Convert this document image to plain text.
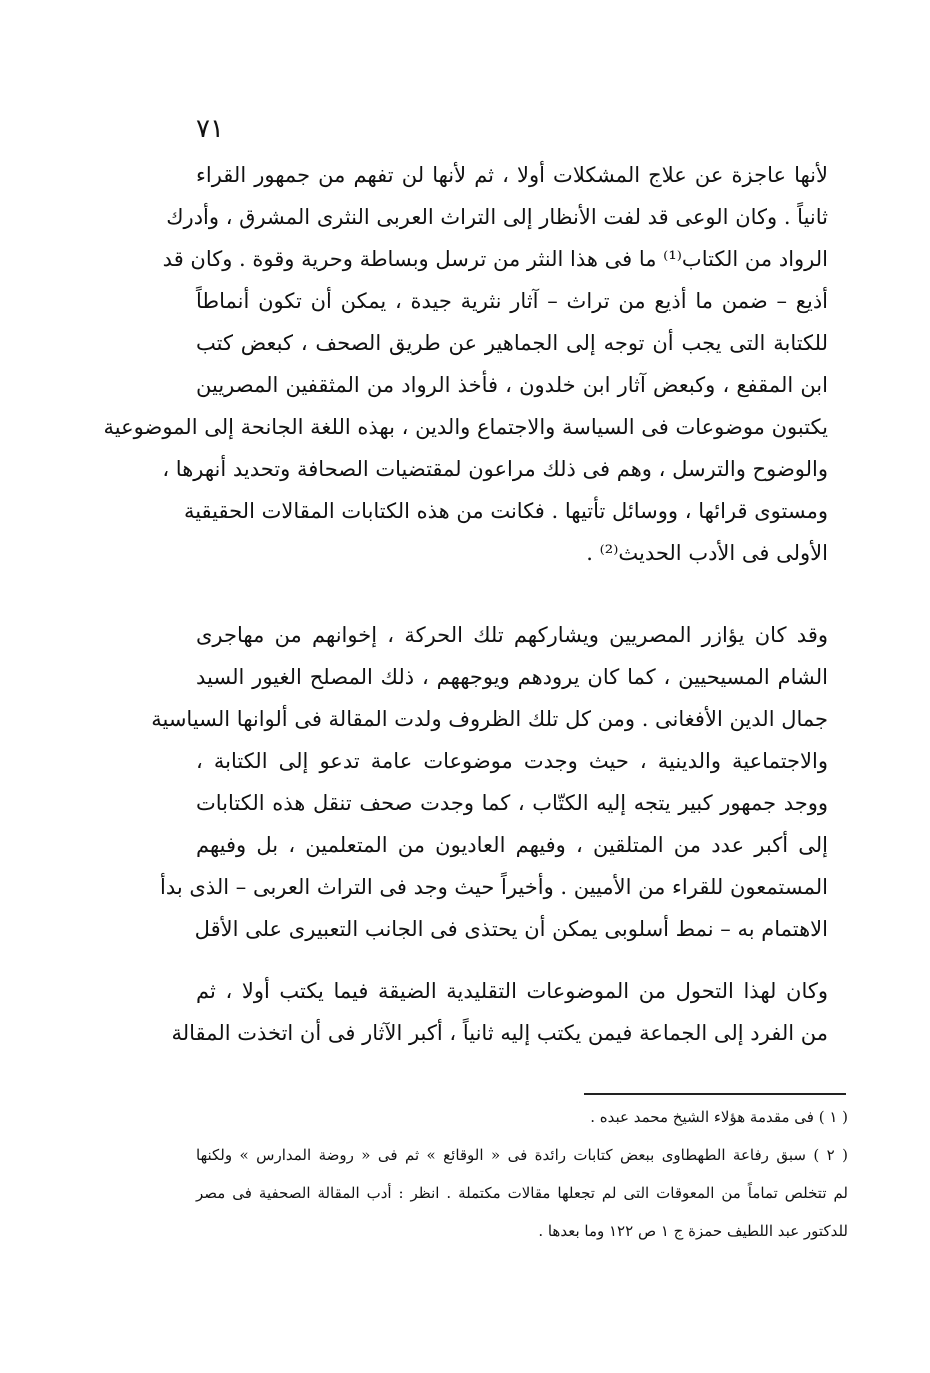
٧١
لأنها عاجزة عن علاج المشكلات أولا ، ثم لأنها لن تفهم من جمهور القراء
ثانياً . وكان الوعى قد لفت الأنظار إلى التراث العربى النثرى المشرق ، وأدرك
الرواد من الكتاب⁽¹⁾ ما فى هذا النثر من ترسل وبساطة وحرية وقوة . وكان قد
أذيع – ضمن ما أذيع من تراث – آثار نثرية جيدة ، يمكن أن تكون أنماطاً
للكتابة التى يجب أن توجه إلى الجماهير عن طريق الصحف ، كبعض كتب
ابن المقفع ، وكبعض آثار ابن خلدون ، فأخذ الرواد من المثقفين المصريين
يكتبون موضوعات فى السياسة والاجتماع والدين ، بهذه اللغة الجانحة إلى الموضوعية
والوضوح والترسل ، وهم فى ذلك مراعون لمقتضيات الصحافة وتحديد أنهرها ،
ومستوى قرائها ، ووسائل تأتيها . فكانت من هذه الكتابات المقالات الحقيقية
الأولى فى الأدب الحديث⁽²⁾ .
وقد كان يؤازر المصريين ويشاركهم تلك الحركة ، إخوانهم من مهاجرى
الشام المسيحيين ، كما كان يرودهم ويوجههم ، ذلك المصلح الغيور السيد
جمال الدين الأفغانى . ومن كل تلك الظروف ولدت المقالة فى ألوانها السياسية
والاجتماعية والدينية ، حيث وجدت موضوعات عامة تدعو إلى الكتابة ،
ووجد جمهور كبير يتجه إليه الكتّاب ، كما وجدت صحف تنقل هذه الكتابات
إلى أكبر عدد من المتلقين ، وفيهم العاديون من المتعلمين ، بل وفيهم
المستمعون للقراء من الأميين . وأخيراً حيث وجد فى التراث العربى – الذى بدأ
الاهتمام به – نمط أسلوبى يمكن أن يحتذى فى الجانب التعبيرى على الأقل
وكان لهذا التحول من الموضوعات التقليدية الضيقة فيما يكتب أولا ، ثم
من الفرد إلى الجماعة فيمن يكتب إليه ثانياً ، أكبر الآثار فى أن اتخذت المقالة
( ١ ) فى مقدمة هؤلاء الشيخ محمد عبده .
( ٢ ) سبق رفاعة الطهطاوى ببعض كتابات رائدة فى « الوقائع » ثم فى « روضة المدارس » ولكنها
لم تتخلص تماماً من المعوقات التى لم تجعلها مقالات مكتملة . انظر : أدب المقالة الصحفية فى مصر
للدكتور عبد اللطيف حمزة ج ١ ص ١٢٢ وما بعدها .
